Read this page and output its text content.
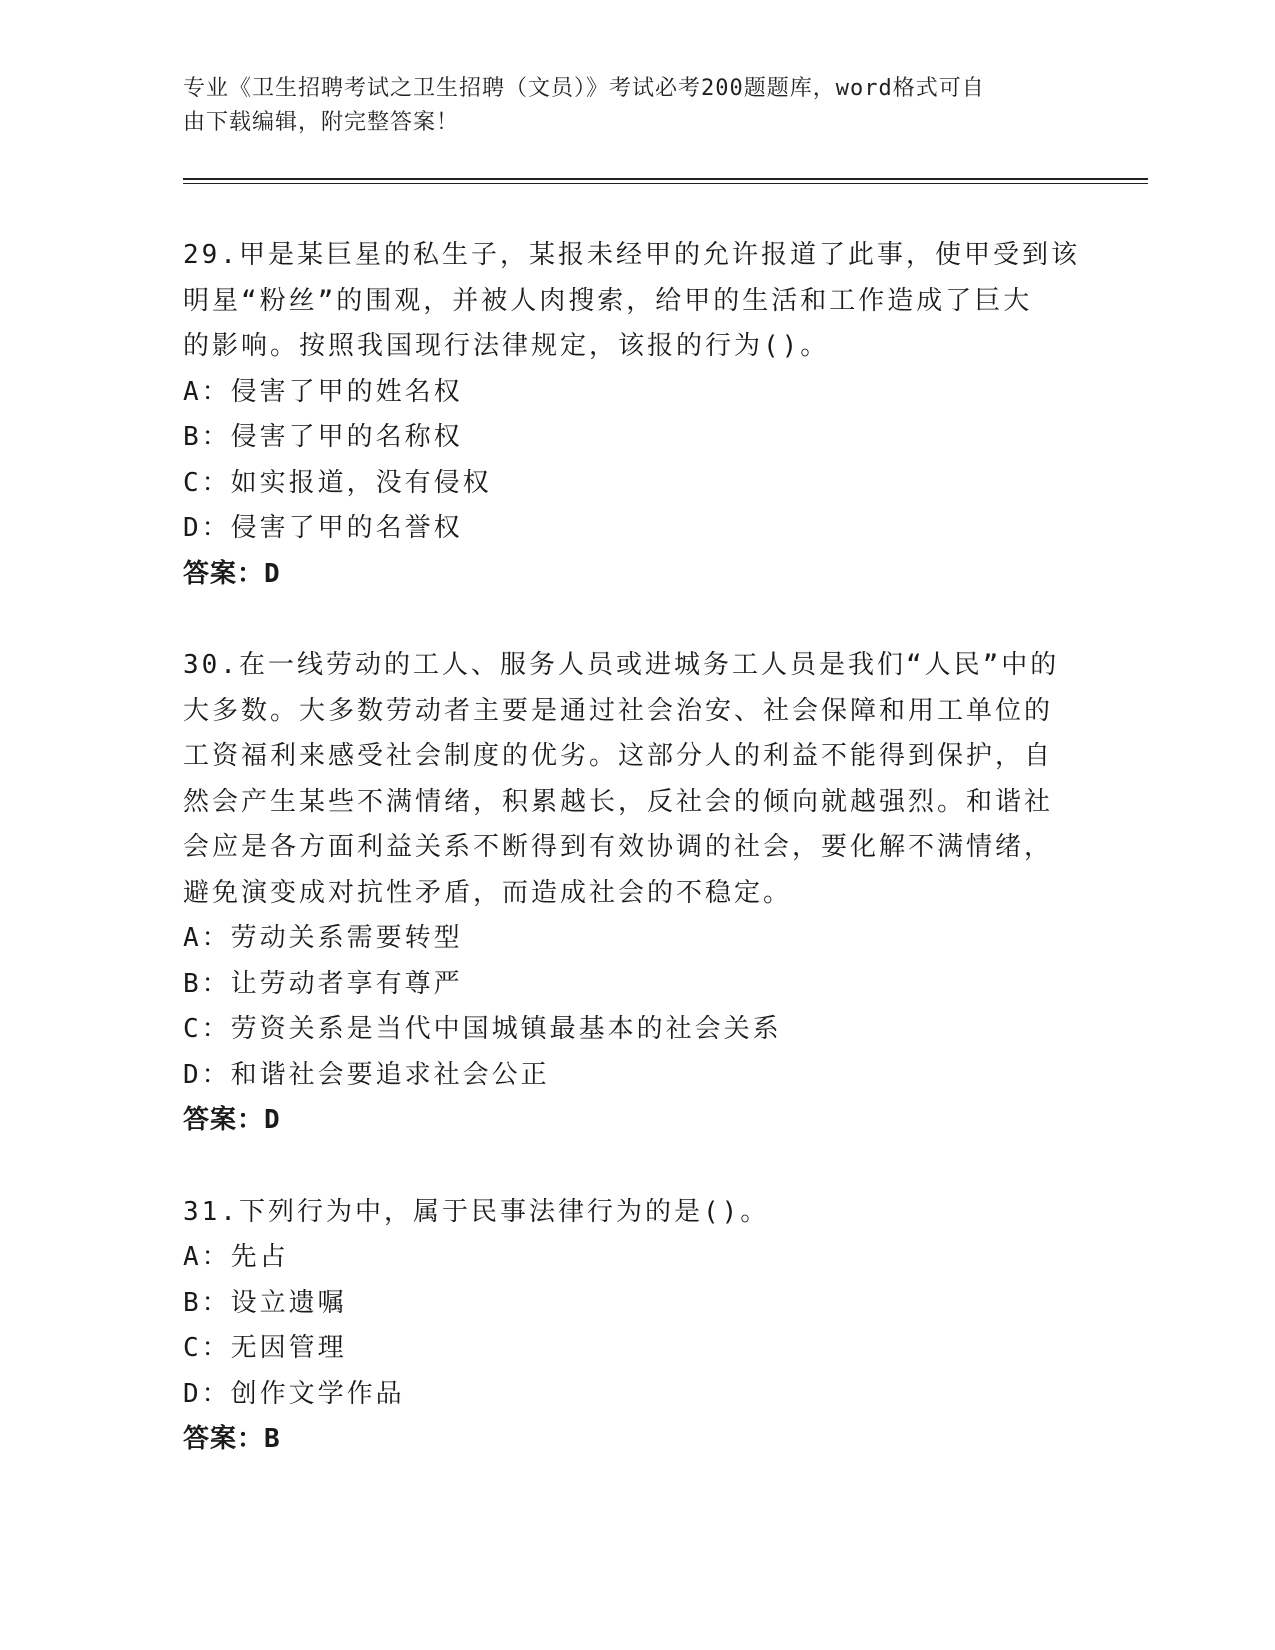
专业《卫生招聘考试之卫生招聘（文员）》考试必考200题题库，word格式可自
由下载编辑，附完整答案！

29.甲是某巨星的私生子，某报未经甲的允许报道了此事，使甲受到该

明星“粉丝”的围观，并被人肉搜索，给甲的生活和工作造成了巨大

的影响。按照我国现行法律规定，该报的行为()。

A：侵害了甲的姓名权

B：侵害了甲的名称权

C：如实报道，没有侵权

D：侵害了甲的名誉权

答案：D

30.在一线劳动的工人、服务人员或进城务工人员是我们“人民”中的

大多数。大多数劳动者主要是通过社会治安、社会保障和用工单位的

工资福利来感受社会制度的优劣。这部分人的利益不能得到保护，自

然会产生某些不满情绪，积累越长，反社会的倾向就越强烈。和谐社

会应是各方面利益关系不断得到有效协调的社会，要化解不满情绪，

避免演变成对抗性矛盾，而造成社会的不稳定。

A：劳动关系需要转型

B：让劳动者享有尊严

C：劳资关系是当代中国城镇最基本的社会关系

D：和谐社会要追求社会公正

答案：D

31.下列行为中，属于民事法律行为的是()。

A：先占

B：设立遗嘱

C：无因管理

D：创作文学作品

答案：B
